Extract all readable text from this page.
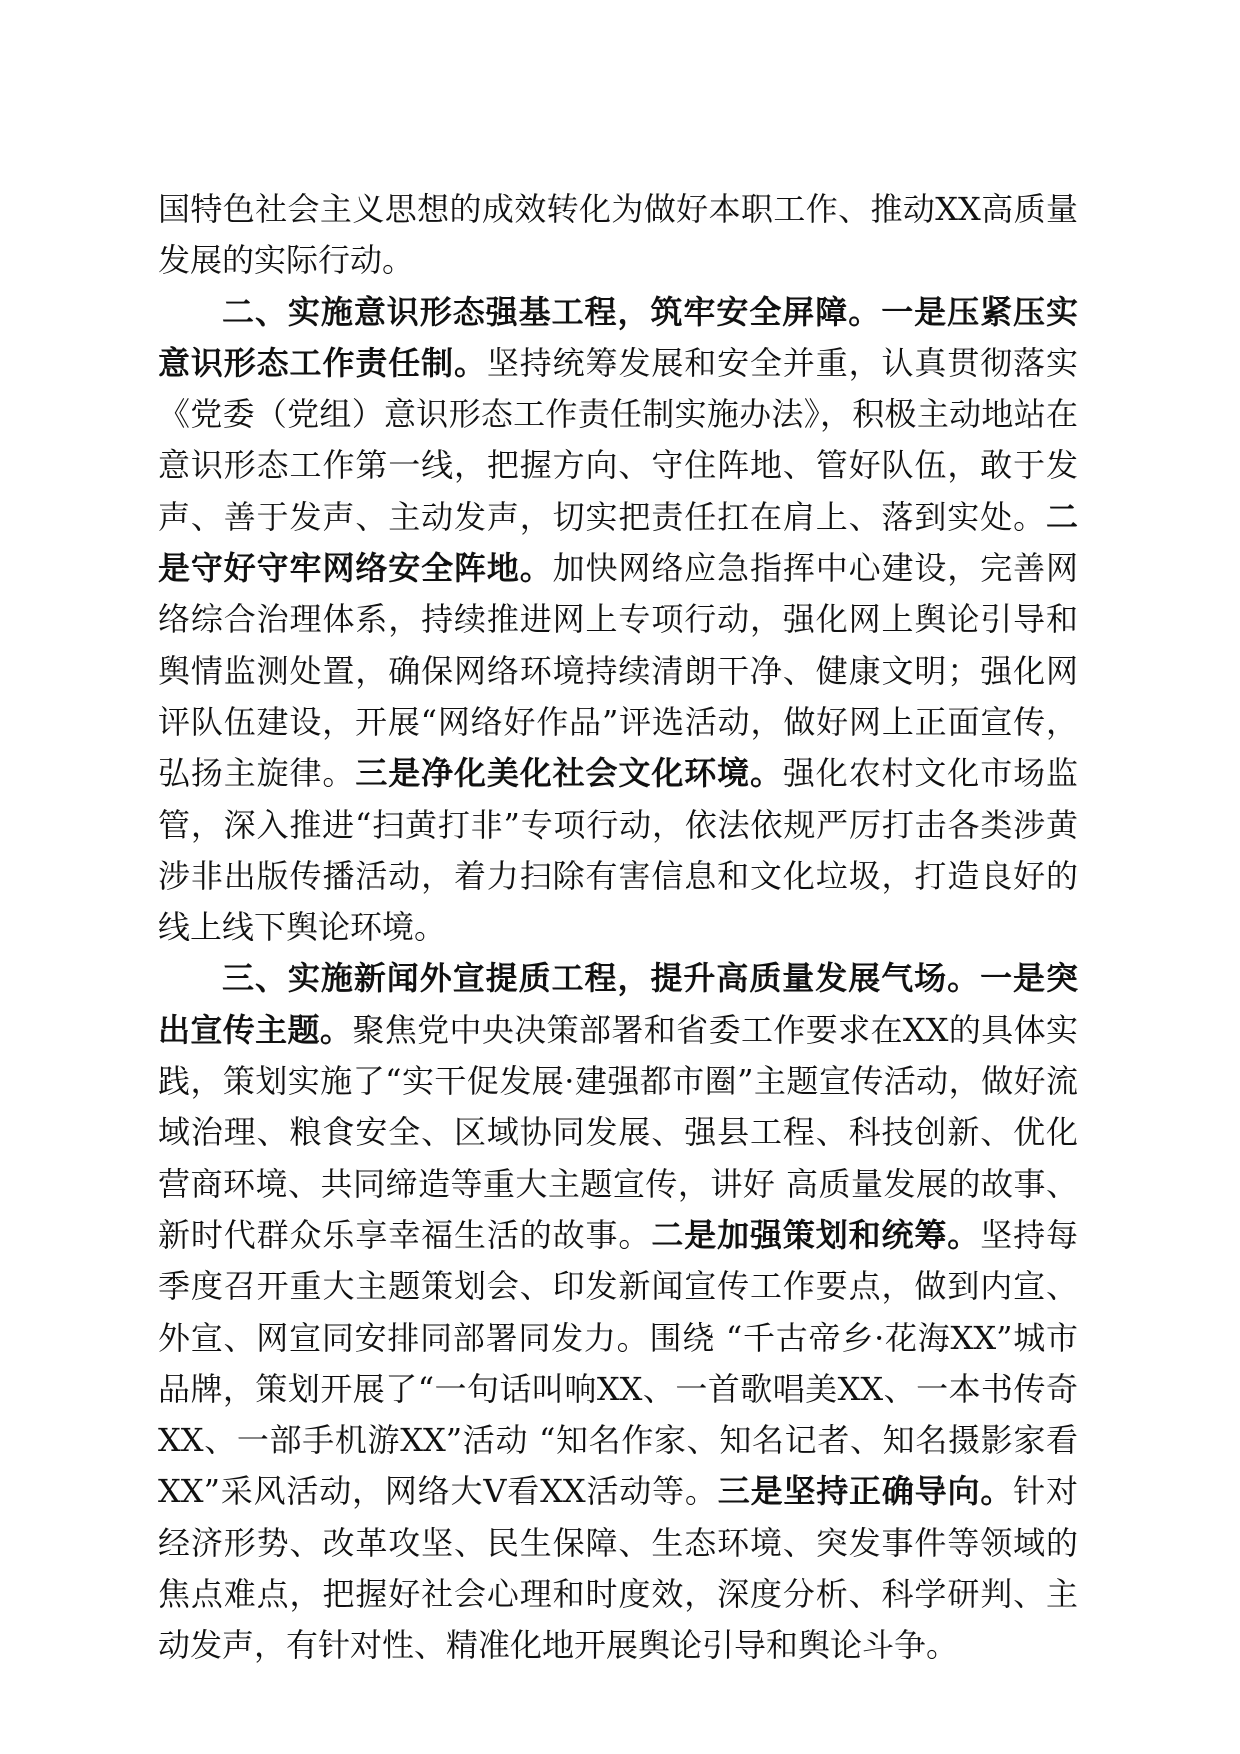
国特色社会主义思想的成效转化为做好本职工作、推动XX高质量发展的实际行动。

二、实施意识形态强基工程，筑牢安全屏障。一是压紧压实意识形态工作责任制。坚持统筹发展和安全并重，认真贯彻落实《党委（党组）意识形态工作责任制实施办法》，积极主动地站在意识形态工作第一线，把握方向、守住阵地、管好队伍，敢于发声、善于发声、主动发声，切实把责任扛在肩上、落到实处。二是守好守牢网络安全阵地。加快网络应急指挥中心建设，完善网络综合治理体系，持续推进网上专项行动，强化网上舆论引导和舆情监测处置，确保网络环境持续清朗干净、健康文明；强化网评队伍建设，开展“网络好作品”评选活动，做好网上正面宣传，弘扬主旋律。三是净化美化社会文化环境。强化农村文化市场监管，深入推进“扫黄打非”专项行动，依法依规严厉打击各类涉黄涉非出版传播活动，着力扫除有害信息和文化垃圾，打造良好的线上线下舆论环境。

三、实施新闻外宣提质工程，提升高质量发展气场。一是突出宣传主题。聚焦党中央决策部署和省委工作要求在XX的具体实践，策划实施了“实干促发展·建强都市圈”主题宣传活动，做好流域治理、粮食安全、区域协同发展、强县工程、科技创新、优化营商环境、共同缔造等重大主题宣传，讲好 高质量发展的故事、新时代群众乐享幸福生活的故事。二是加强策划和统筹。坚持每季度召开重大主题策划会、印发新闻宣传工作要点，做到内宣、外宣、网宣同安排同部署同发力。围绕 “千古帝乡·花海XX”城市品牌，策划开展了“一句话叫响XX、一首歌唱美XX、一本书传奇XX、一部手机游XX”活动 “知名作家、知名记者、知名摄影家看XX”采风活动，网络大V看XX活动等。三是坚持正确导向。针对经济形势、改革攻坚、民生保障、生态环境、突发事件等领域的焦点难点，把握好社会心理和时度效，深度分析、科学研判、主动发声，有针对性、精准化地开展舆论引导和舆论斗争。
